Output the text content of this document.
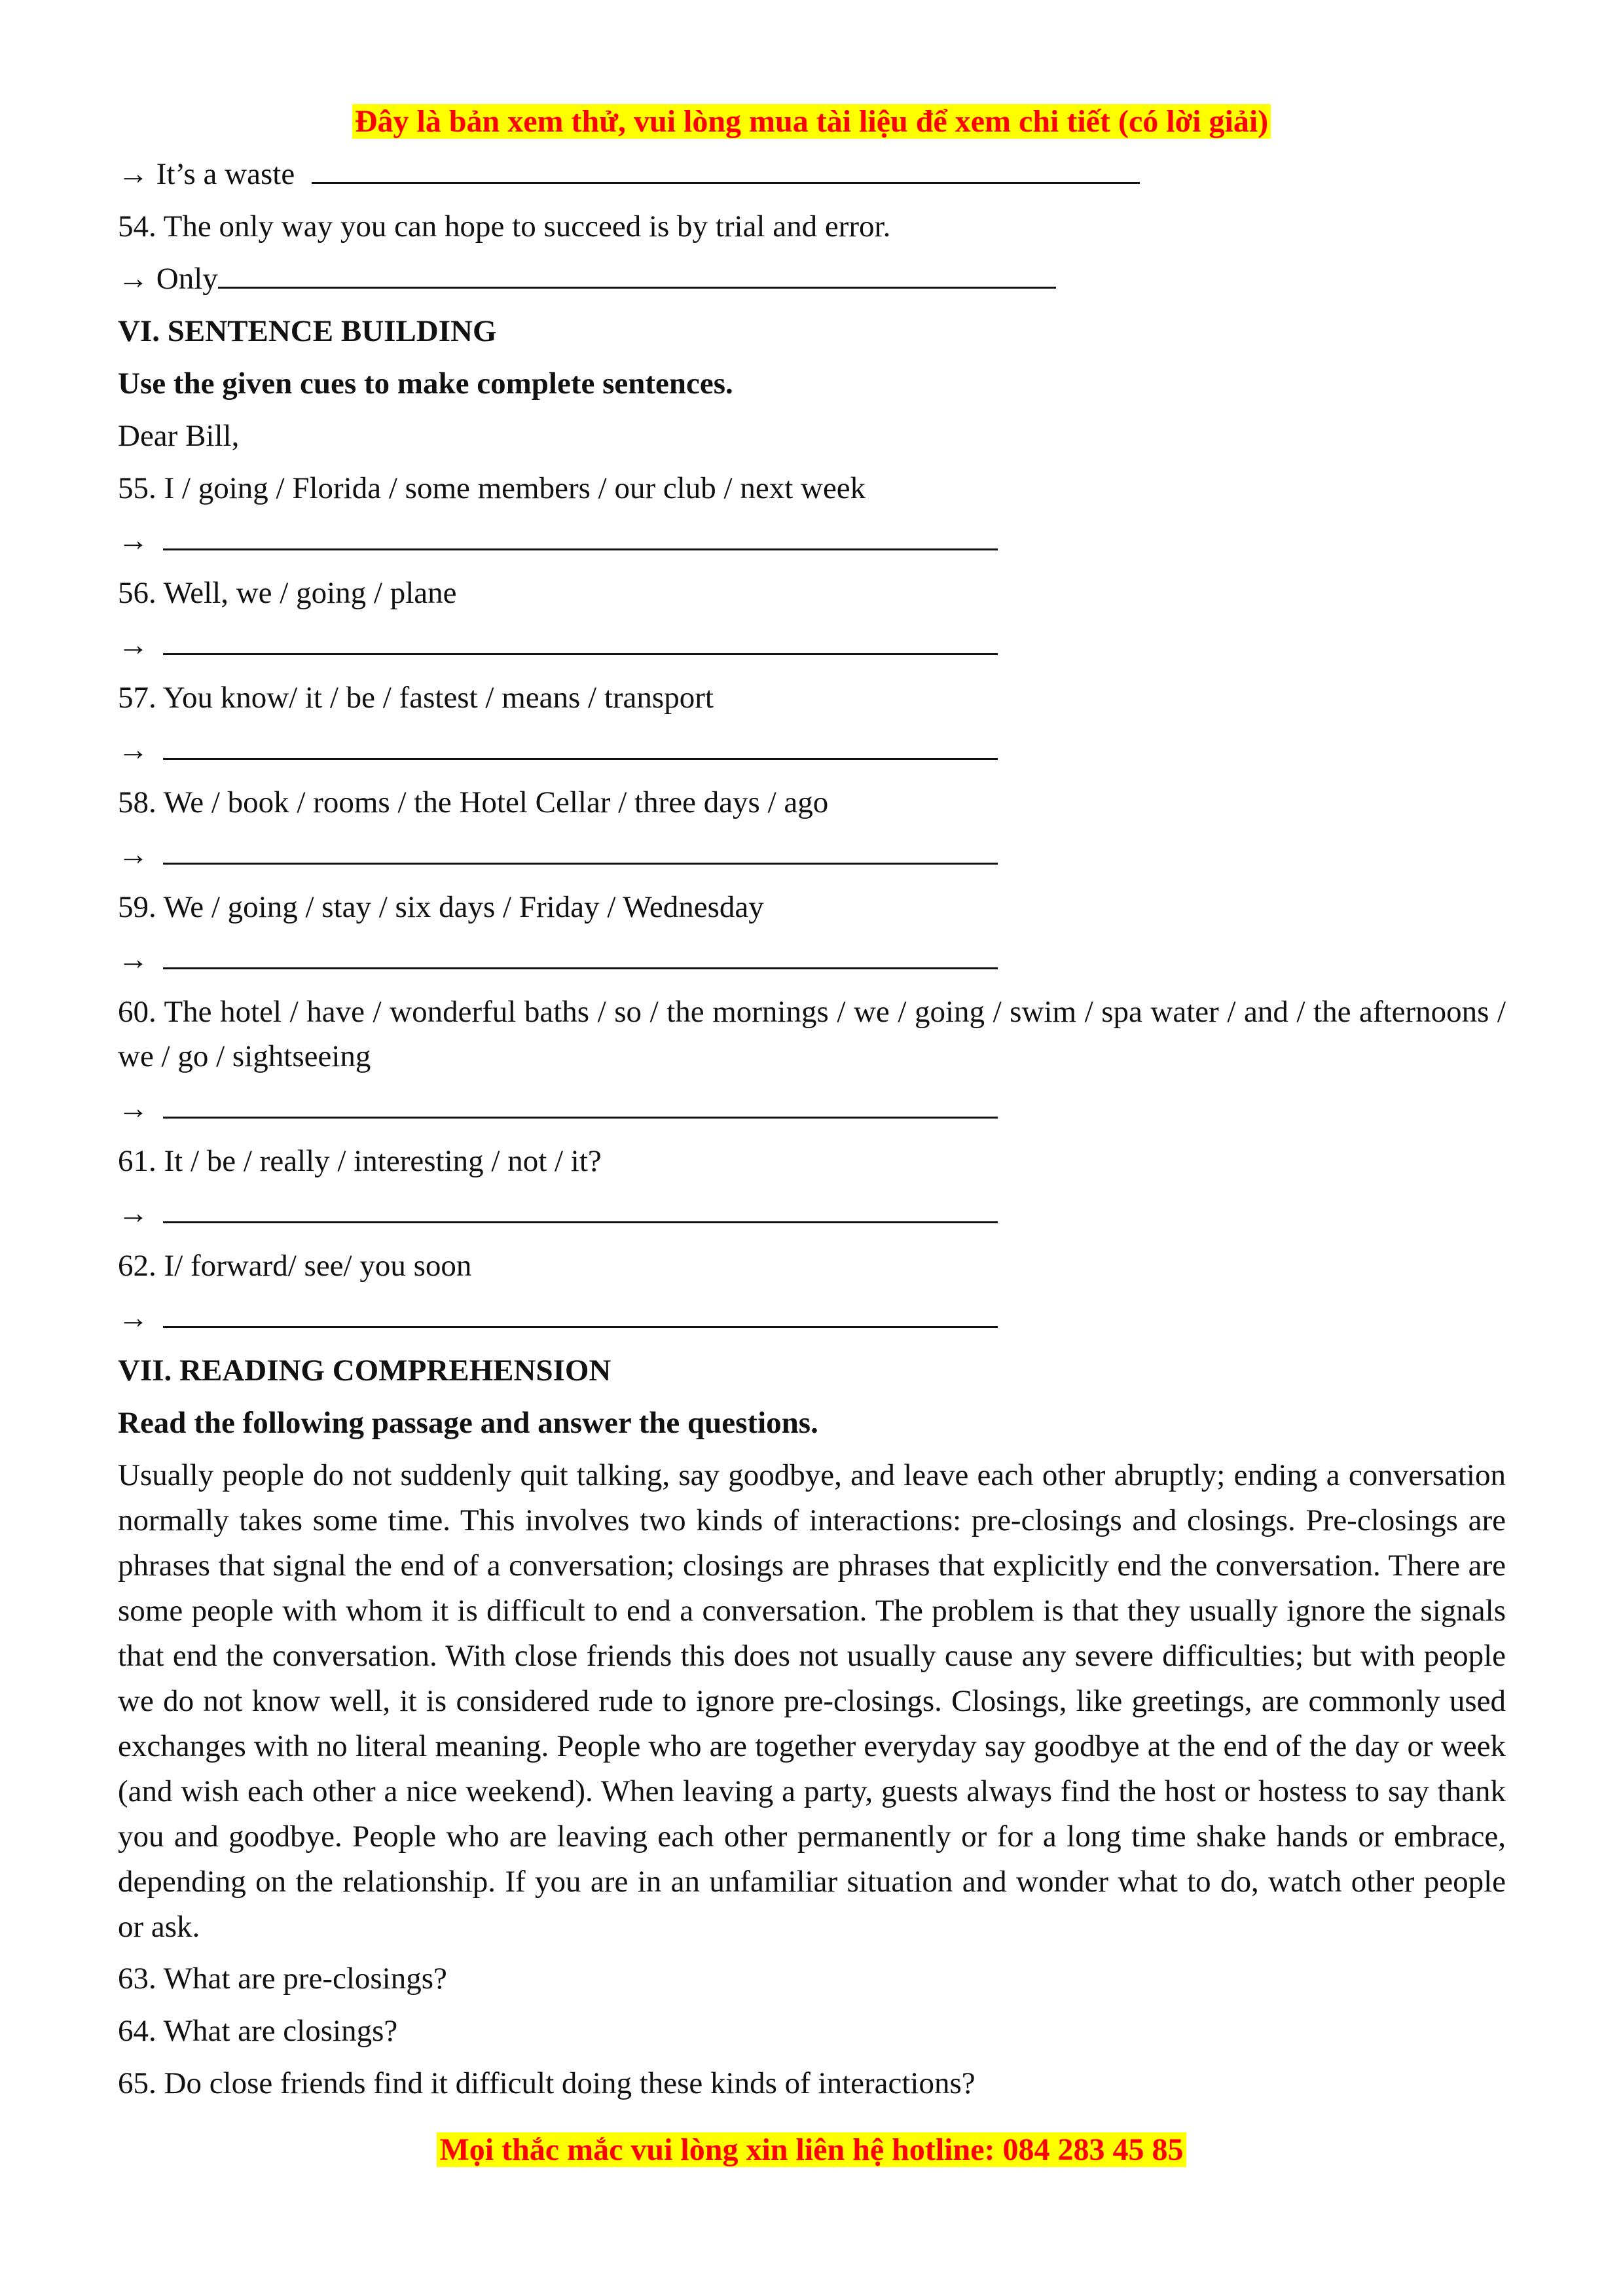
Đây là bản xem thử, vui lòng mua tài liệu để xem chi tiết (có lời giải)
→ It’s a waste
54. The only way you can hope to succeed is by trial and error.
→ Only
VI. SENTENCE BUILDING
Use the given cues to make complete sentences.
Dear Bill,
55. I / going / Florida / some members / our club / next week
→
56. Well, we / going / plane
→
57. You know/ it / be / fastest / means / transport
→
58. We / book / rooms / the Hotel Cellar / three days / ago
→
59. We / going / stay / six days / Friday / Wednesday
→
60. The hotel / have / wonderful baths / so / the mornings / we / going / swim / spa water / and / the afternoons / we / go / sightseeing
→
61. It / be / really / interesting / not / it?
→
62. I/ forward/ see/ you soon
→
VII. READING COMPREHENSION
Read the following passage and answer the questions.
Usually people do not suddenly quit talking, say goodbye, and leave each other abruptly; ending a conversation normally takes some time. This involves two kinds of interactions: pre-closings and closings. Pre-closings are phrases that signal the end of a conversation; closings are phrases that explicitly end the conversation. There are some people with whom it is difficult to end a conversation. The problem is that they usually ignore the signals that end the conversation. With close friends this does not usually cause any severe difficulties; but with people we do not know well, it is considered rude to ignore pre-closings. Closings, like greetings, are commonly used exchanges with no literal meaning. People who are together everyday say goodbye at the end of the day or week (and wish each other a nice weekend). When leaving a party, guests always find the host or hostess to say thank you and goodbye. People who are leaving each other permanently or for a long time shake hands or embrace, depending on the relationship. If you are in an unfamiliar situation and wonder what to do, watch other people or ask.
63. What are pre-closings?
64. What are closings?
65. Do close friends find it difficult doing these kinds of interactions?
Mọi thắc mắc vui lòng xin liên hệ hotline: 084 283 45 85
